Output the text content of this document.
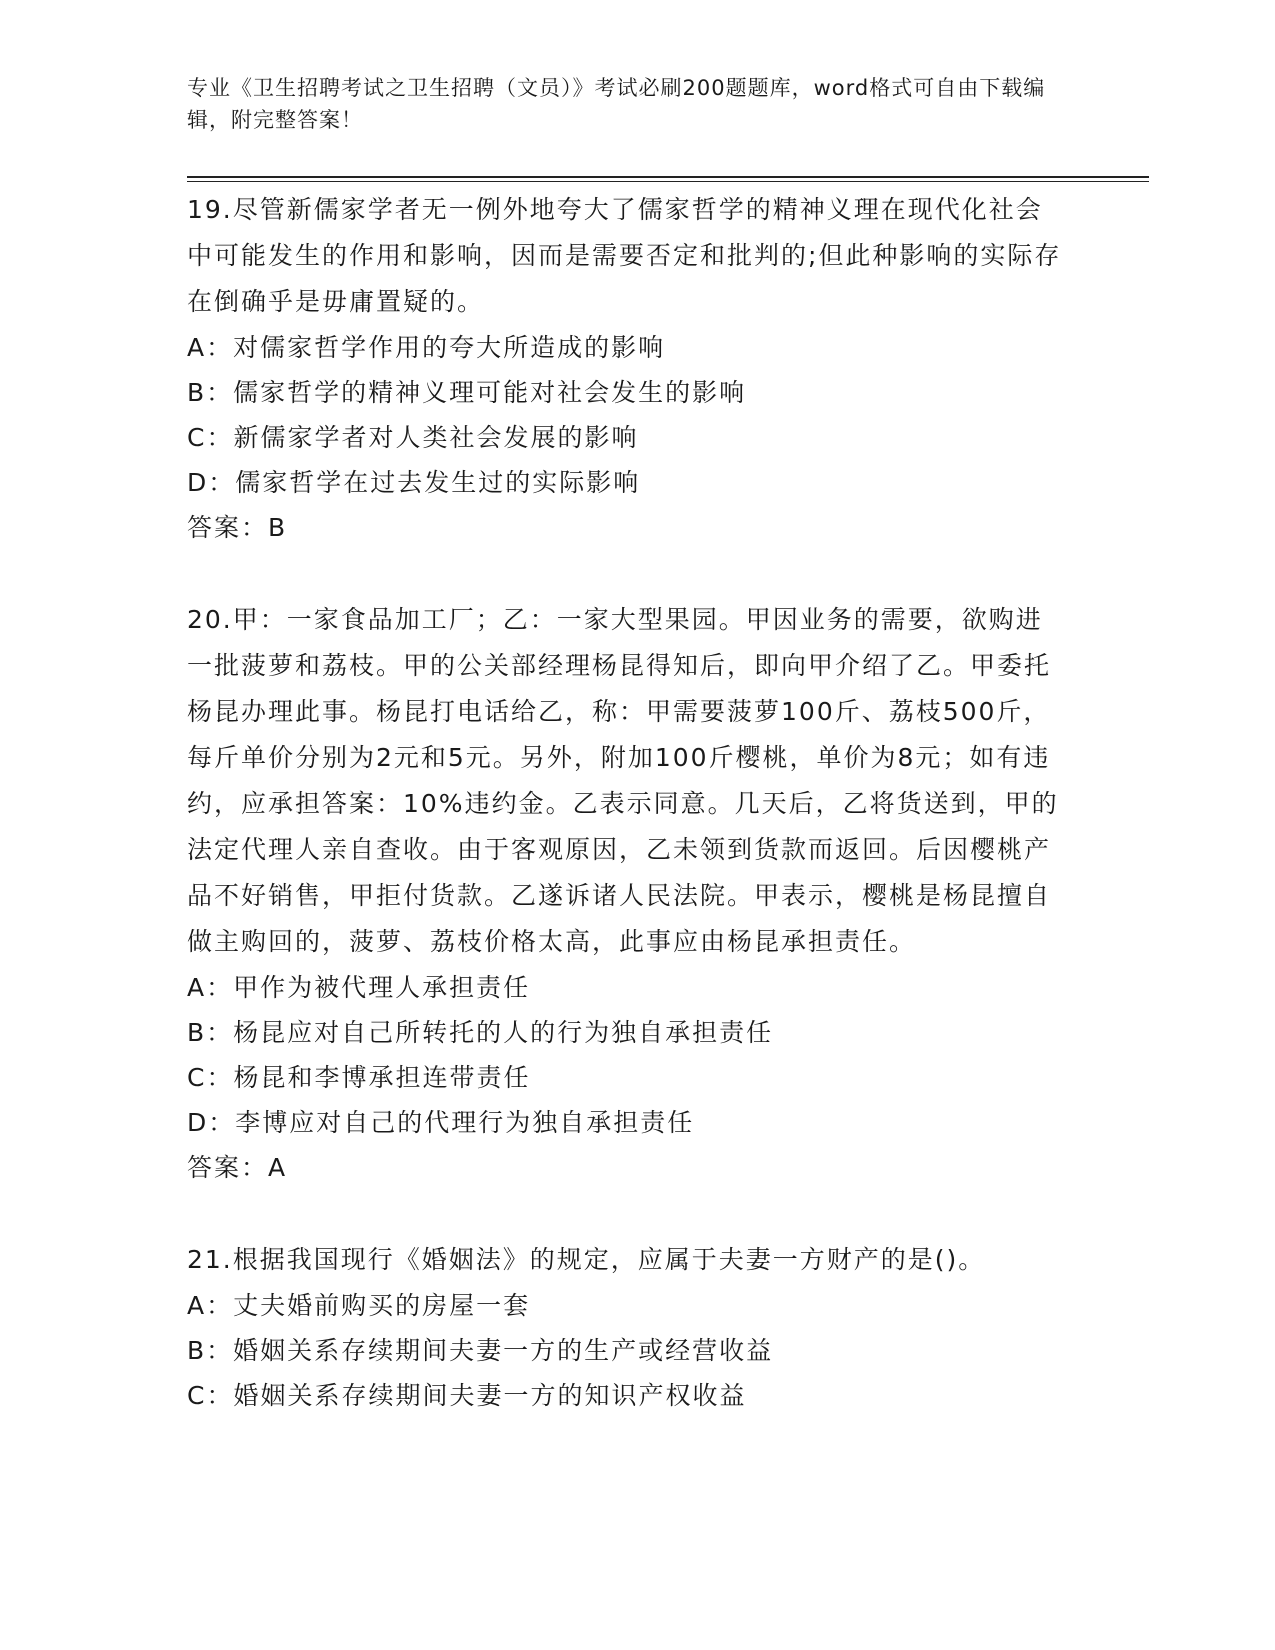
专业《卫生招聘考试之卫生招聘（文员）》考试必刷200题题库，word格式可自由下载编辑，附完整答案！

19.尽管新儒家学者无一例外地夸大了儒家哲学的精神义理在现代化社会中可能发生的作用和影响，因而是需要否定和批判的;但此种影响的实际存在倒确乎是毋庸置疑的。

A：对儒家哲学作用的夸大所造成的影响

B：儒家哲学的精神义理可能对社会发生的影响

C：新儒家学者对人类社会发展的影响

D：儒家哲学在过去发生过的实际影响

答案：B

20.甲：一家食品加工厂；乙：一家大型果园。甲因业务的需要，欲购进一批菠萝和荔枝。甲的公关部经理杨昆得知后，即向甲介绍了乙。甲委托杨昆办理此事。杨昆打电话给乙，称：甲需要菠萝100斤、荔枝500斤，每斤单价分别为2元和5元。另外，附加100斤樱桃，单价为8元；如有违约，应承担答案：10%违约金。乙表示同意。几天后，乙将货送到，甲的法定代理人亲自查收。由于客观原因，乙未领到货款而返回。后因樱桃产品不好销售，甲拒付货款。乙遂诉诸人民法院。甲表示，樱桃是杨昆擅自做主购回的，菠萝、荔枝价格太高，此事应由杨昆承担责任。

A：甲作为被代理人承担责任

B：杨昆应对自己所转托的人的行为独自承担责任

C：杨昆和李博承担连带责任

D：李博应对自己的代理行为独自承担责任

答案：A

21.根据我国现行《婚姻法》的规定，应属于夫妻一方财产的是()。

A：丈夫婚前购买的房屋一套

B：婚姻关系存续期间夫妻一方的生产或经营收益

C：婚姻关系存续期间夫妻一方的知识产权收益
